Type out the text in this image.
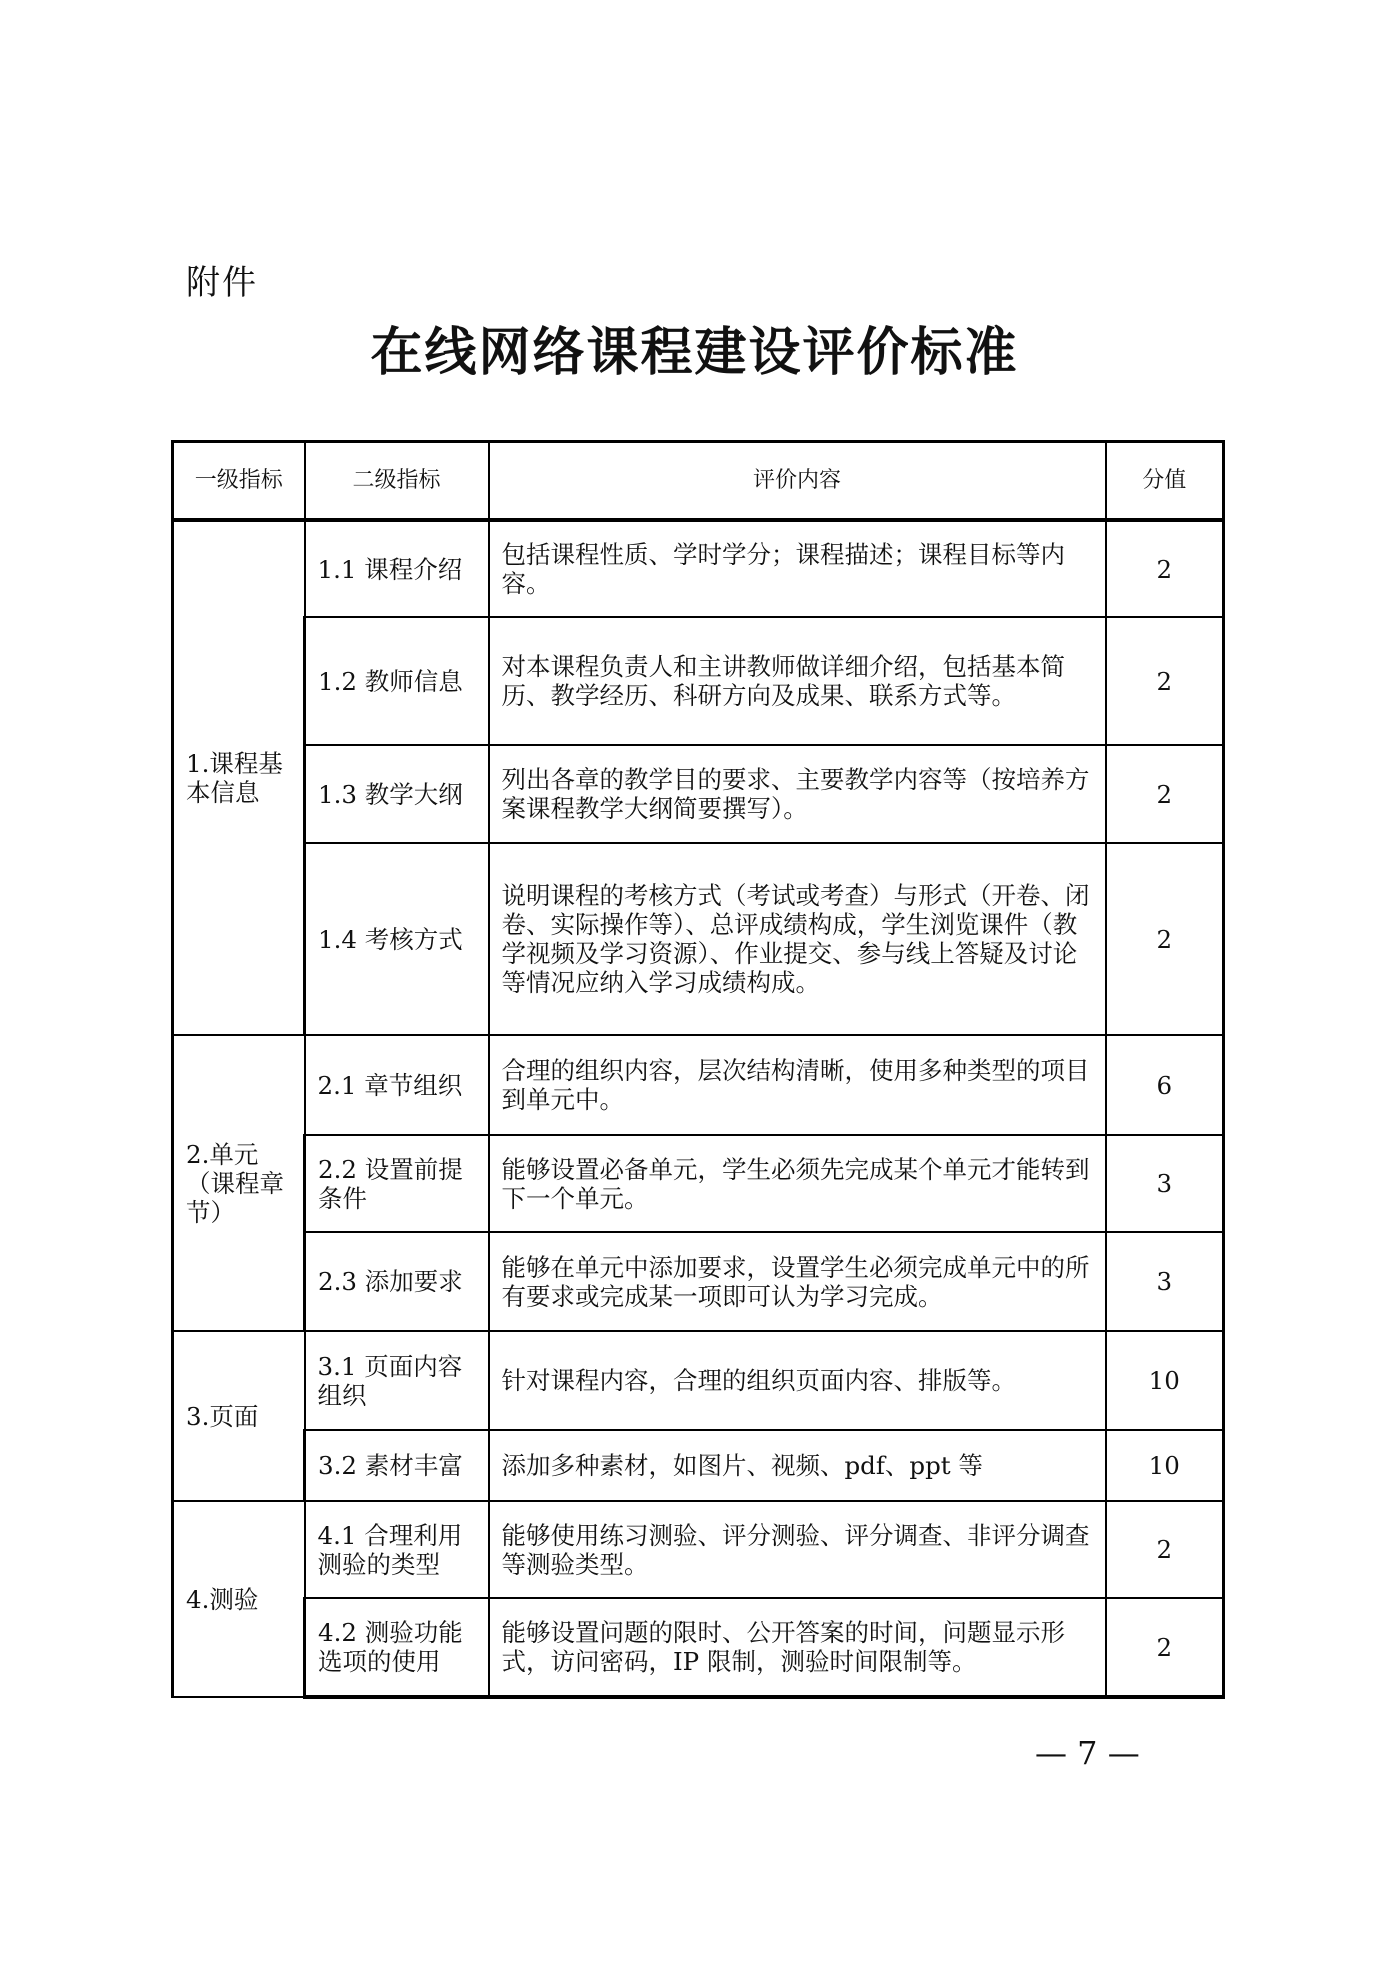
附件
在线网络课程建设评价标准
一级指标	二级指标	评价内容	分值
1.课程基本信息	1.1 课程介绍	包括课程性质、学时学分；课程描述；课程目标等内容。	2
	1.2 教师信息	对本课程负责人和主讲教师做详细介绍，包括基本简历、教学经历、科研方向及成果、联系方式等。	2
	1.3 教学大纲	列出各章的教学目的要求、主要教学内容等（按培养方案课程教学大纲简要撰写）。	2
	1.4 考核方式	说明课程的考核方式（考试或考查）与形式（开卷、闭卷、实际操作等）、总评成绩构成，学生浏览课件（教学视频及学习资源）、作业提交、参与线上答疑及讨论等情况应纳入学习成绩构成。	2
2.单元（课程章节）	2.1 章节组织	合理的组织内容，层次结构清晰，使用多种类型的项目到单元中。	6
	2.2 设置前提条件	能够设置必备单元，学生必须先完成某个单元才能转到下一个单元。	3
	2.3 添加要求	能够在单元中添加要求，设置学生必须完成单元中的所有要求或完成某一项即可认为学习完成。	3
3.页面	3.1 页面内容组织	针对课程内容，合理的组织页面内容、排版等。	10
	3.2 素材丰富	添加多种素材，如图片、视频、pdf、ppt 等	10
4.测验	4.1 合理利用测验的类型	能够使用练习测验、评分测验、评分调查、非评分调查等测验类型。	2
	4.2 测验功能选项的使用	能够设置问题的限时、公开答案的时间，问题显示形式，访问密码，IP 限制，测验时间限制等。	2
— 7 —
